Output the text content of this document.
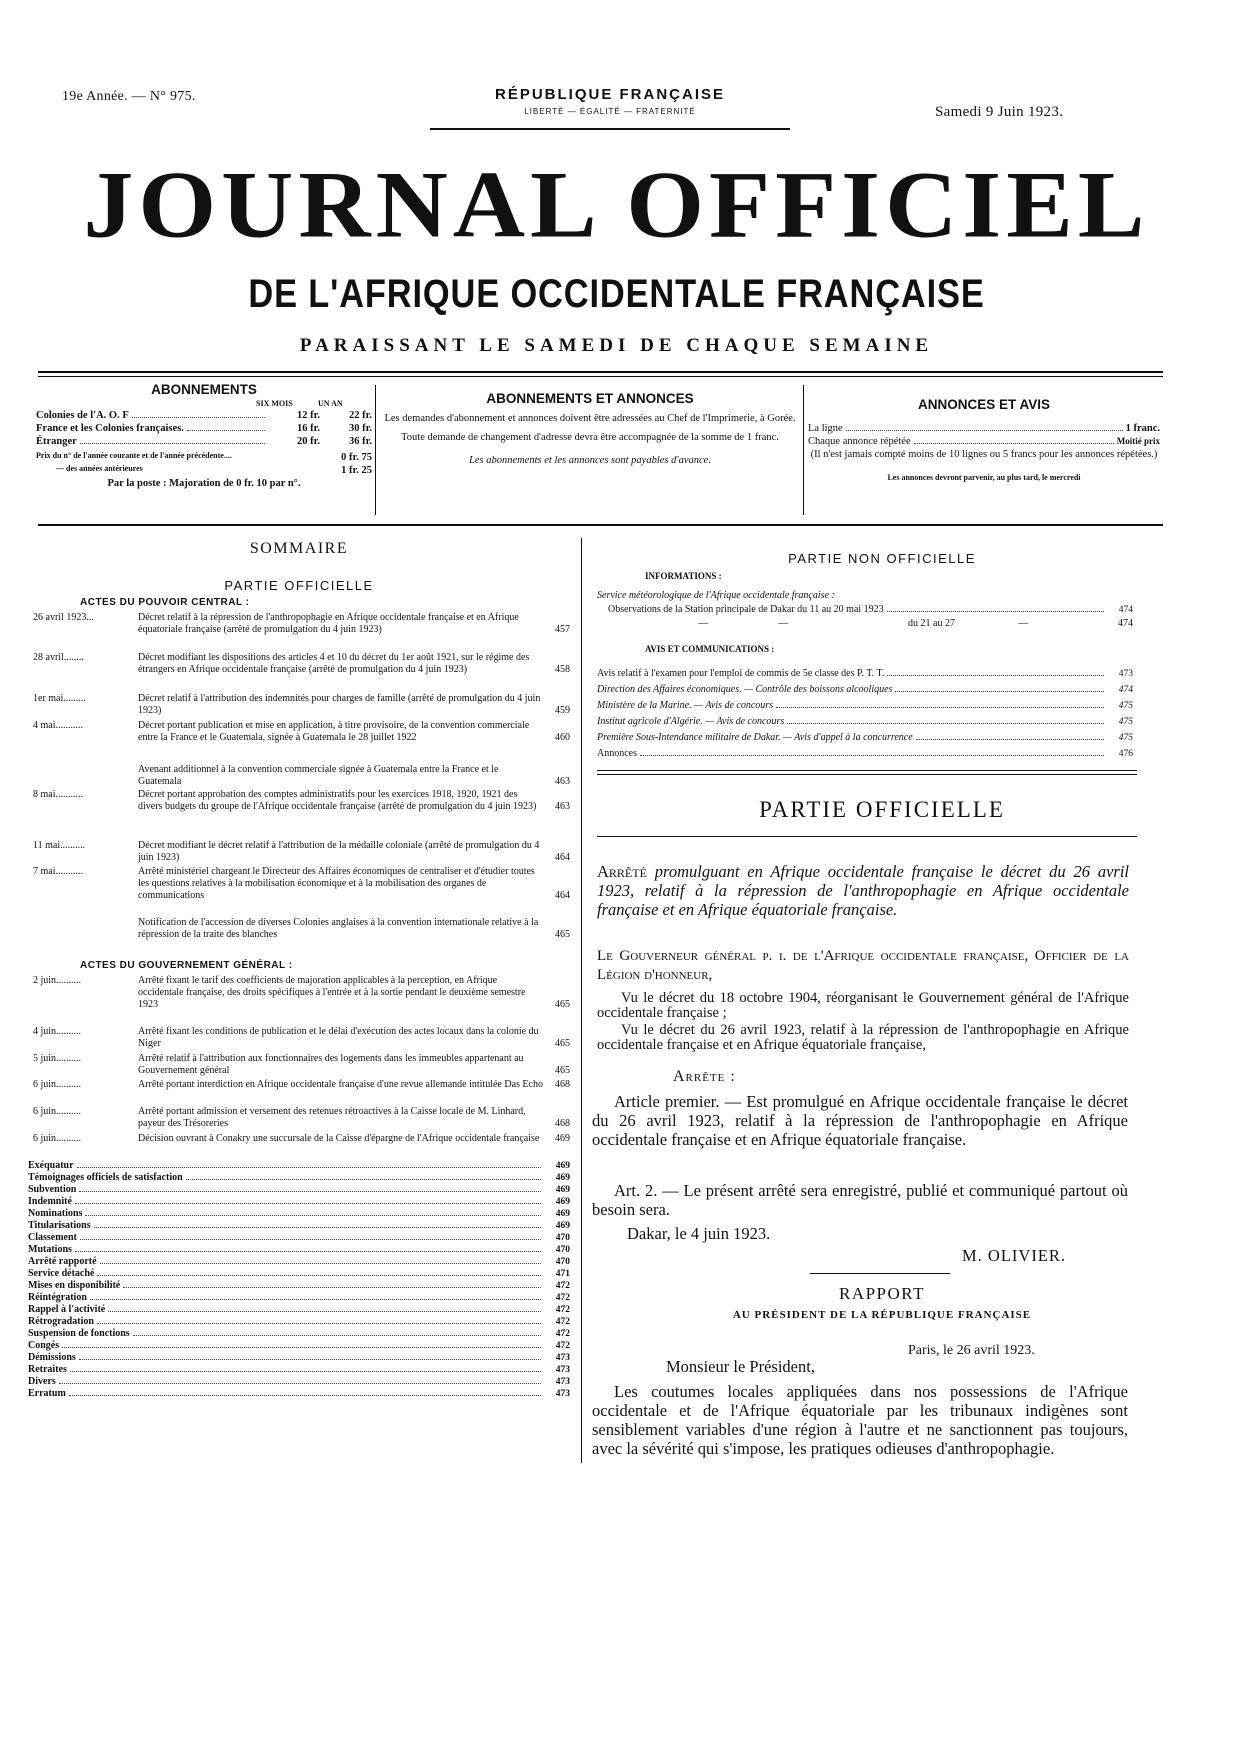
19e Année. — N° 975.	RÉPUBLIQUE FRANÇAISE
LIBERTÉ — ÉGALITÉ — FRATERNITÉ	Samedi 9 Juin 1923.
JOURNAL OFFICIEL
DE L'AFRIQUE OCCIDENTALE FRANÇAISE
PARAISSANT LE SAMEDI DE CHAQUE SEMAINE
ABONNEMENTS
SIX MOIS	UN AN
Colonies de l'A. O. F	12 fr.	22 fr.
France et les Colonies françaises.	16 fr.	30 fr.
Étranger	20 fr.	36 fr.
Prix du n° de l'année courante et de l'année précédente....	0 fr. 75
— des années antérieures	1 fr. 25
Par la poste : Majoration de 0 fr. 10 par n°.
ABONNEMENTS ET ANNONCES
Les demandes d'abonnement et annonces doivent être adressées au Chef de l'Imprimerie, à Gorée.
Toute demande de changement d'adresse devra être accompagnée de la somme de 1 franc.
Les abonnements et les annonces sont payables d'avance.
ANNONCES ET AVIS
La ligne	1 franc.
Chaque annonce répétée	Moitié prix
(Il n'est jamais compté moins de 10 lignes ou 5 francs pour les annonces répétées.)
Les annonces devront parvenir, au plus tard, le mercredi
SOMMAIRE
PARTIE OFFICIELLE
ACTES DU POUVOIR CENTRAL :
26 avril 1923...	Décret relatif à la répression de l'anthropophagie en Afrique occidentale française et en Afrique équatoriale française (arrêté de promulgation du 4 juin 1923)	457
28 avril........	Décret modifiant les dispositions des articles 4 et 10 du décret du 1er août 1921, sur le régime des étrangers en Afrique occidentale française (arrêté de promulgation du 4 juin 1923)	458
1er mai.........	Décret relatif à l'attribution des indemnités pour charges de famille (arrêté de promulgation du 4 juin 1923)	459
4 mai...........	Décret portant publication et mise en application, à titre provisoire, de la convention commerciale entre la France et le Guatemala, signée à Guatemala le 28 juillet 1922	460
Avenant additionnel à la convention commerciale signée à Guatemala entre la France et le Guatemala	463
8 mai...........	Décret portant approbation des comptes administratifs pour les exercices 1918, 1920, 1921 des divers budgets du groupe de l'Afrique occidentale française (arrêté de promulgation du 4 juin 1923)	463
11 mai..........	Décret modifiant le décret relatif à l'attribution de la médaille coloniale (arrêté de promulgation du 4 juin 1923)	464
7 mai...........	Arrêté ministériel chargeant le Directeur des Affaires économiques de centraliser et d'étudier toutes les questions relatives à la mobilisation économique et à la mobilisation des organes de communications	464
Notification de l'accession de diverses Colonies anglaises à la convention internationale relative à la répression de la traite des blanches	465
ACTES DU GOUVERNEMENT GÉNÉRAL :
2 juin..........	Arrêté fixant le tarif des coefficients de majoration applicables à la perception, en Afrique occidentale française, des droits spécifiques à l'entrée et à la sortie pendant le deuxième semestre 1923	465
4 juin..........	Arrêté fixant les conditions de publication et le délai d'exécution des actes locaux dans la colonie du Niger	465
5 juin..........	Arrêté relatif à l'attribution aux fonctionnaires des logements dans les immeubles appartenant au Gouvernement général	465
6 juin..........	Arrêté portant interdiction en Afrique occidentale française d'une revue allemande intitulée Das Echo	468
6 juin..........	Arrêté portant admission et versement des retenues rétroactives à la Caisse locale de M. Linhard, payeur des Trésoreries	468
6 juin..........	Décision ouvrant à Conakry une succursale de la Caisse d'épargne de l'Afrique occidentale française	469
Exéquatur	469
Témoignages officiels de satisfaction	469
Subvention	469
Indemnité	469
Nominations	469
Titularisations	469
Classement	470
Mutations	470
Arrêté rapporté	470
Service détaché	471
Mises en disponibilité	472
Réintégration	472
Rappel à l'activité	472
Rétrogradation	472
Suspension de fonctions	472
Congés	472
Démissions	473
Retraites	473
Divers	473
Erratum	473
PARTIE NON OFFICIELLE
INFORMATIONS :
Service météorologique de l'Afrique occidentale française :
Observations de la Station principale de Dakar du 11 au 20 mai 1923	474
—	—	du 21 au 27	—	474
AVIS ET COMMUNICATIONS :
Avis relatif à l'examen pour l'emploi de commis de 5e classe des P. T. T.	473
Direction des Affaires économiques. — Contrôle des boissons alcooliques	474
Ministère de la Marine. — Avis de concours	475
Institut agricole d'Algérie. — Avis de concours	475
Première Sous-Intendance militaire de Dakar. — Avis d'appel à la concurrence	475
Annonces	476
PARTIE OFFICIELLE
Arrêté promulguant en Afrique occidentale française le décret du 26 avril 1923, relatif à la répression de l'anthropophagie en Afrique occidentale française et en Afrique équatoriale française.
Le Gouverneur général p. i. de l'Afrique occidentale française, Officier de la Légion d'honneur,
Vu le décret du 18 octobre 1904, réorganisant le Gouvernement général de l'Afrique occidentale française ;
Vu le décret du 26 avril 1923, relatif à la répression de l'anthropophagie en Afrique occidentale française et en Afrique équatoriale française,
Arrête :
Article premier. — Est promulgué en Afrique occidentale française le décret du 26 avril 1923, relatif à la répression de l'anthropophagie en Afrique occidentale française et en Afrique équatoriale française.
Art. 2. — Le présent arrêté sera enregistré, publié et communiqué partout où besoin sera.
Dakar, le 4 juin 1923.
M. OLIVIER.
RAPPORT
AU PRÉSIDENT DE LA RÉPUBLIQUE FRANÇAISE
Paris, le 26 avril 1923.
Monsieur le Président,
Les coutumes locales appliquées dans nos possessions de l'Afrique occidentale et de l'Afrique équatoriale par les tribunaux indigènes sont sensiblement variables d'une région à l'autre et ne sanctionnent pas toujours, avec la sévérité qui s'impose, les pratiques odieuses d'anthropophagie.
